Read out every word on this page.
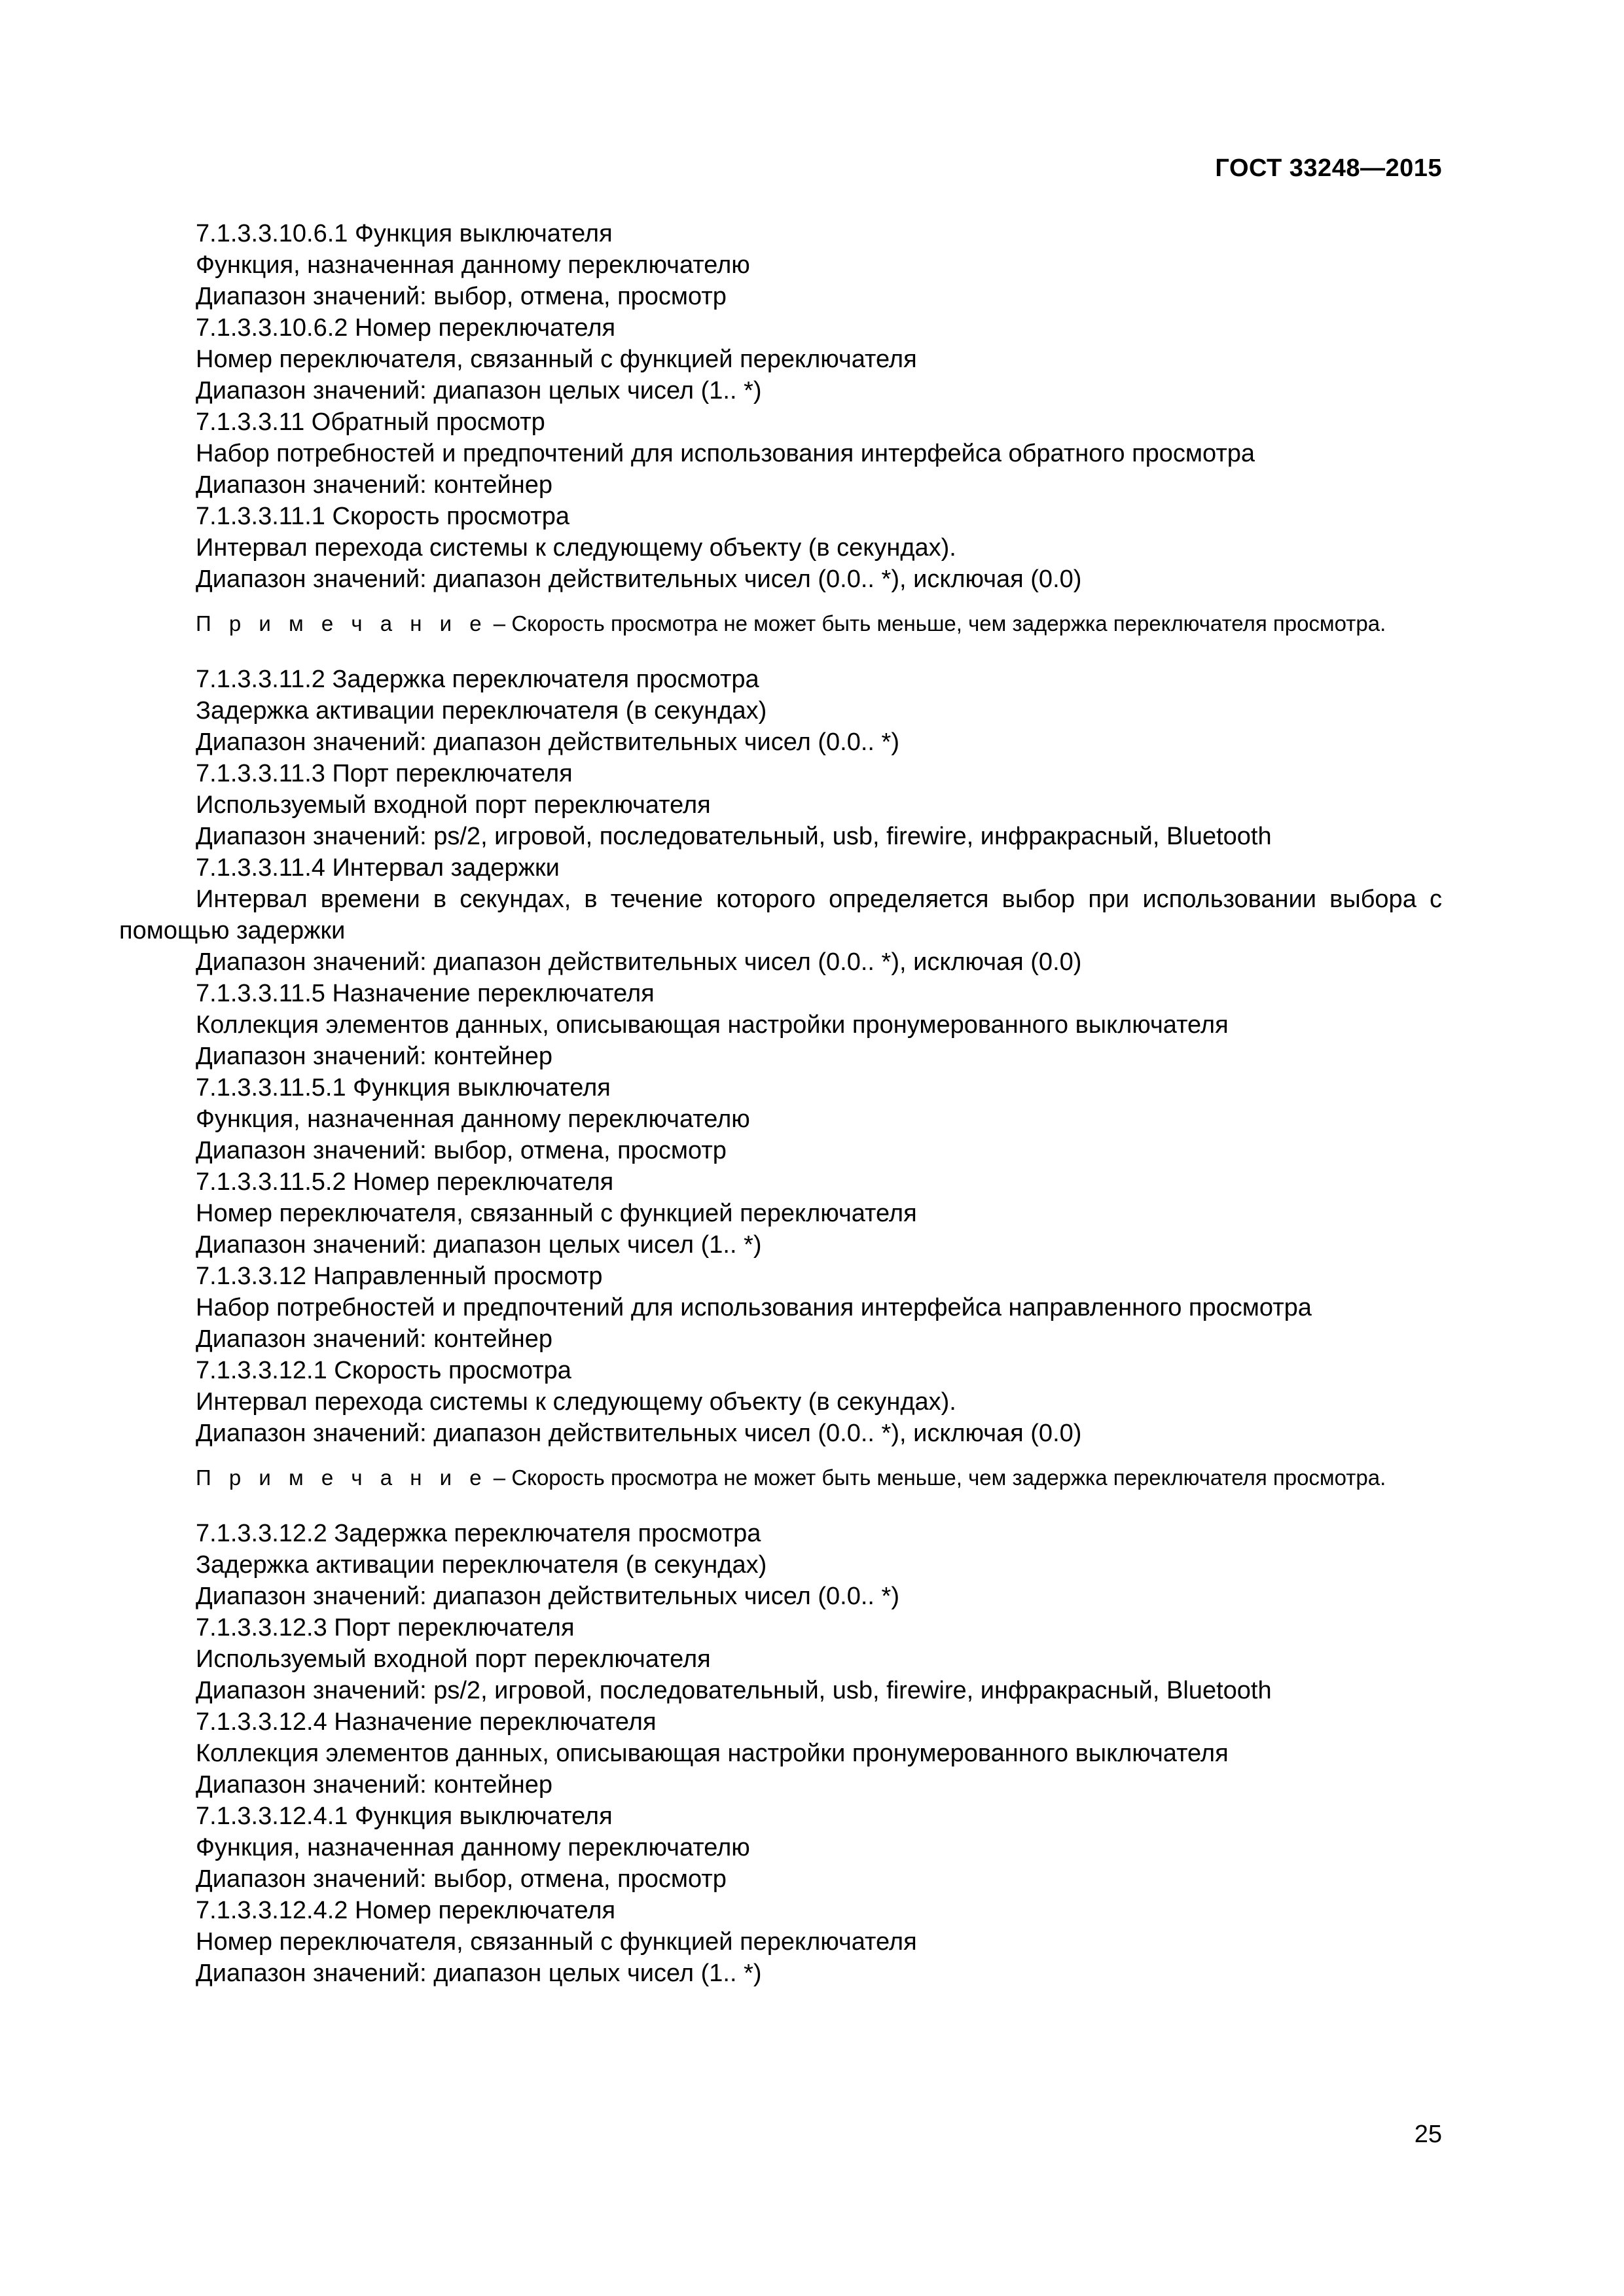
ГОСТ 33248—2015
7.1.3.3.10.6.1 Функция выключателя
Функция, назначенная данному переключателю
Диапазон значений: выбор, отмена, просмотр
7.1.3.3.10.6.2 Номер переключателя
Номер переключателя, связанный с функцией переключателя
Диапазон значений: диапазон целых чисел (1.. *)
7.1.3.3.11 Обратный просмотр
Набор потребностей и предпочтений для использования интерфейса обратного просмотра
Диапазон значений: контейнер
7.1.3.3.11.1 Скорость просмотра
Интервал перехода системы к следующему объекту (в секундах).
Диапазон значений: диапазон действительных чисел (0.0.. *), исключая (0.0)
П р и м е ч а н и е – Скорость просмотра не может быть меньше, чем задержка переключателя просмотра.
7.1.3.3.11.2 Задержка переключателя просмотра
Задержка активации переключателя (в секундах)
Диапазон значений: диапазон действительных чисел (0.0.. *)
7.1.3.3.11.3 Порт переключателя
Используемый входной порт переключателя
Диапазон значений: ps/2, игровой, последовательный, usb, firewire, инфракрасный, Bluetooth
7.1.3.3.11.4 Интервал задержки
Интервал времени в секундах, в течение которого определяется выбор при использовании выбора с помощью задержки
Диапазон значений: диапазон действительных чисел (0.0.. *), исключая (0.0)
7.1.3.3.11.5 Назначение переключателя
Коллекция элементов данных, описывающая настройки пронумерованного выключателя
Диапазон значений: контейнер
7.1.3.3.11.5.1 Функция выключателя
Функция, назначенная данному переключателю
Диапазон значений: выбор, отмена, просмотр
7.1.3.3.11.5.2 Номер переключателя
Номер переключателя, связанный с функцией переключателя
Диапазон значений: диапазон целых чисел (1.. *)
7.1.3.3.12 Направленный просмотр
Набор потребностей и предпочтений для использования интерфейса направленного просмотра
Диапазон значений: контейнер
7.1.3.3.12.1 Скорость просмотра
Интервал перехода системы к следующему объекту (в секундах).
Диапазон значений: диапазон действительных чисел (0.0.. *), исключая (0.0)
П р и м е ч а н и е – Скорость просмотра не может быть меньше, чем задержка переключателя просмотра.
7.1.3.3.12.2 Задержка переключателя просмотра
Задержка активации переключателя (в секундах)
Диапазон значений: диапазон действительных чисел (0.0.. *)
7.1.3.3.12.3 Порт переключателя
Используемый входной порт переключателя
Диапазон значений: ps/2, игровой, последовательный, usb, firewire, инфракрасный, Bluetooth
7.1.3.3.12.4 Назначение переключателя
Коллекция элементов данных, описывающая настройки пронумерованного выключателя
Диапазон значений: контейнер
7.1.3.3.12.4.1 Функция выключателя
Функция, назначенная данному переключателю
Диапазон значений: выбор, отмена, просмотр
7.1.3.3.12.4.2 Номер переключателя
Номер переключателя, связанный с функцией переключателя
Диапазон значений: диапазон целых чисел (1.. *)
25
